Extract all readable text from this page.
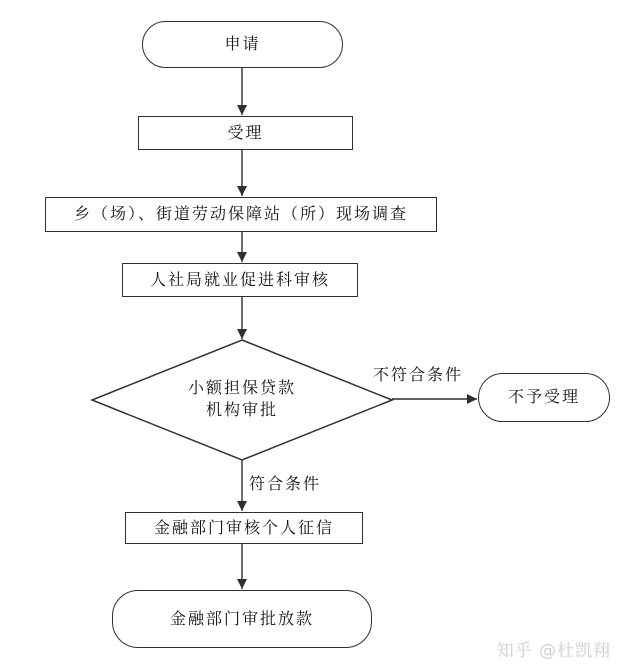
申请
受理
乡（场）、街道劳动保障站（所）现场调查
人社局就业促进科审核
小额担保贷款
机构审批
不符合条件
符合条件
不予受理
金融部门审核个人征信
金融部门审批放款
知乎 @杜凯翔
